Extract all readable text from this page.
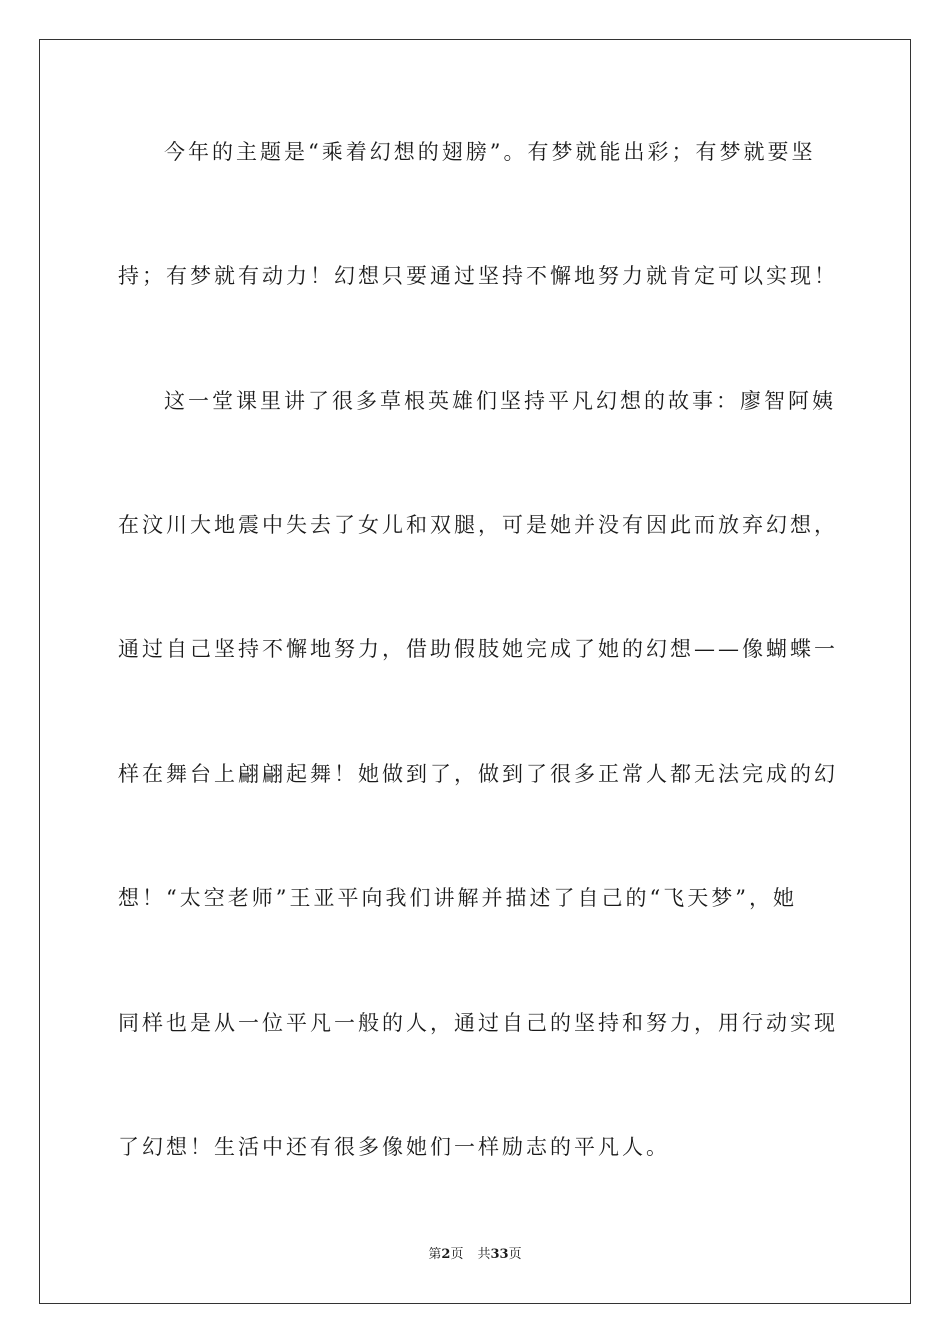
今年的主题是“乘着幻想的翅膀”。有梦就能出彩；有梦就要坚
持；有梦就有动力！幻想只要通过坚持不懈地努力就肯定可以实现！
这一堂课里讲了很多草根英雄们坚持平凡幻想的故事：廖智阿姨
在汶川大地震中失去了女儿和双腿，可是她并没有因此而放弃幻想，
通过自己坚持不懈地努力，借助假肢她完成了她的幻想——像蝴蝶一
样在舞台上翩翩起舞！她做到了，做到了很多正常人都无法完成的幻
想！“太空老师”王亚平向我们讲解并描述了自己的“飞天梦”，她
同样也是从一位平凡一般的人，通过自己的坚持和努力，用行动实现
了幻想！生活中还有很多像她们一样励志的平凡人。
第2页 共33页
